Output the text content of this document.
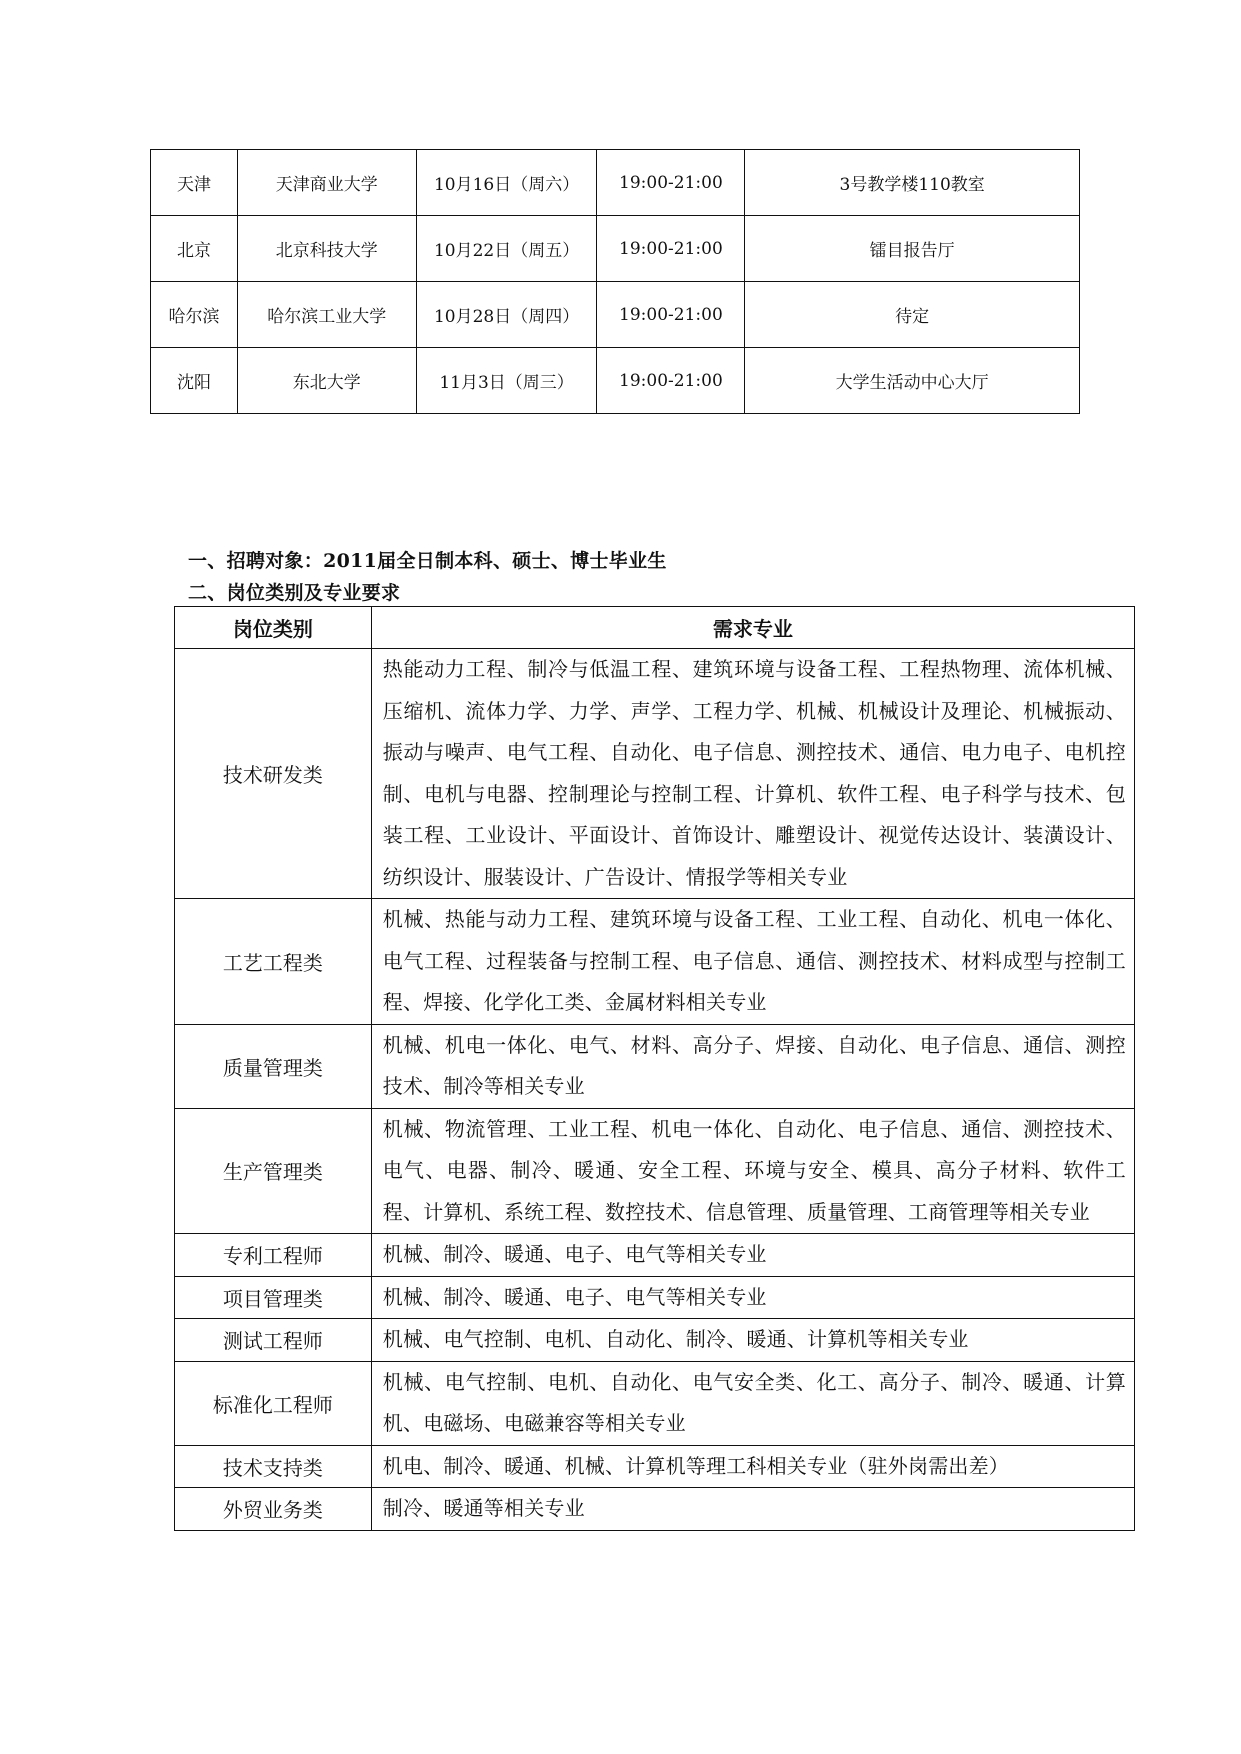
天津	天津商业大学	10月16日（周六）	19:00-21:00	3号教学楼110教室
北京	北京科技大学	10月22日（周五）	19:00-21:00	镭目报告厅
哈尔滨	哈尔滨工业大学	10月28日（周四）	19:00-21:00	待定
沈阳	东北大学	11月3日（周三）	19:00-21:00	大学生活动中心大厅
一、招聘对象：2011届全日制本科、硕士、博士毕业生
二、岗位类别及专业要求
岗位类别	需求专业
技术研发类	热能动力工程、制冷与低温工程、建筑环境与设备工程、工程热物理、流体机械、压缩机、流体力学、力学、声学、工程力学、机械、机械设计及理论、机械振动、振动与噪声、电气工程、自动化、电子信息、测控技术、通信、电力电子、电机控制、电机与电器、控制理论与控制工程、计算机、软件工程、电子科学与技术、包装工程、工业设计、平面设计、首饰设计、雕塑设计、视觉传达设计、装潢设计、纺织设计、服装设计、广告设计、情报学等相关专业
工艺工程类	机械、热能与动力工程、建筑环境与设备工程、工业工程、自动化、机电一体化、电气工程、过程装备与控制工程、电子信息、通信、测控技术、材料成型与控制工程、焊接、化学化工类、金属材料相关专业
质量管理类	机械、机电一体化、电气、材料、高分子、焊接、自动化、电子信息、通信、测控技术、制冷等相关专业
生产管理类	机械、物流管理、工业工程、机电一体化、自动化、电子信息、通信、测控技术、电气、电器、制冷、暖通、安全工程、环境与安全、模具、高分子材料、软件工程、计算机、系统工程、数控技术、信息管理、质量管理、工商管理等相关专业
专利工程师	机械、制冷、暖通、电子、电气等相关专业
项目管理类	机械、制冷、暖通、电子、电气等相关专业
测试工程师	机械、电气控制、电机、自动化、制冷、暖通、计算机等相关专业
标准化工程师	机械、电气控制、电机、自动化、电气安全类、化工、高分子、制冷、暖通、计算机、电磁场、电磁兼容等相关专业
技术支持类	机电、制冷、暖通、机械、计算机等理工科相关专业（驻外岗需出差）
外贸业务类	制冷、暖通等相关专业
